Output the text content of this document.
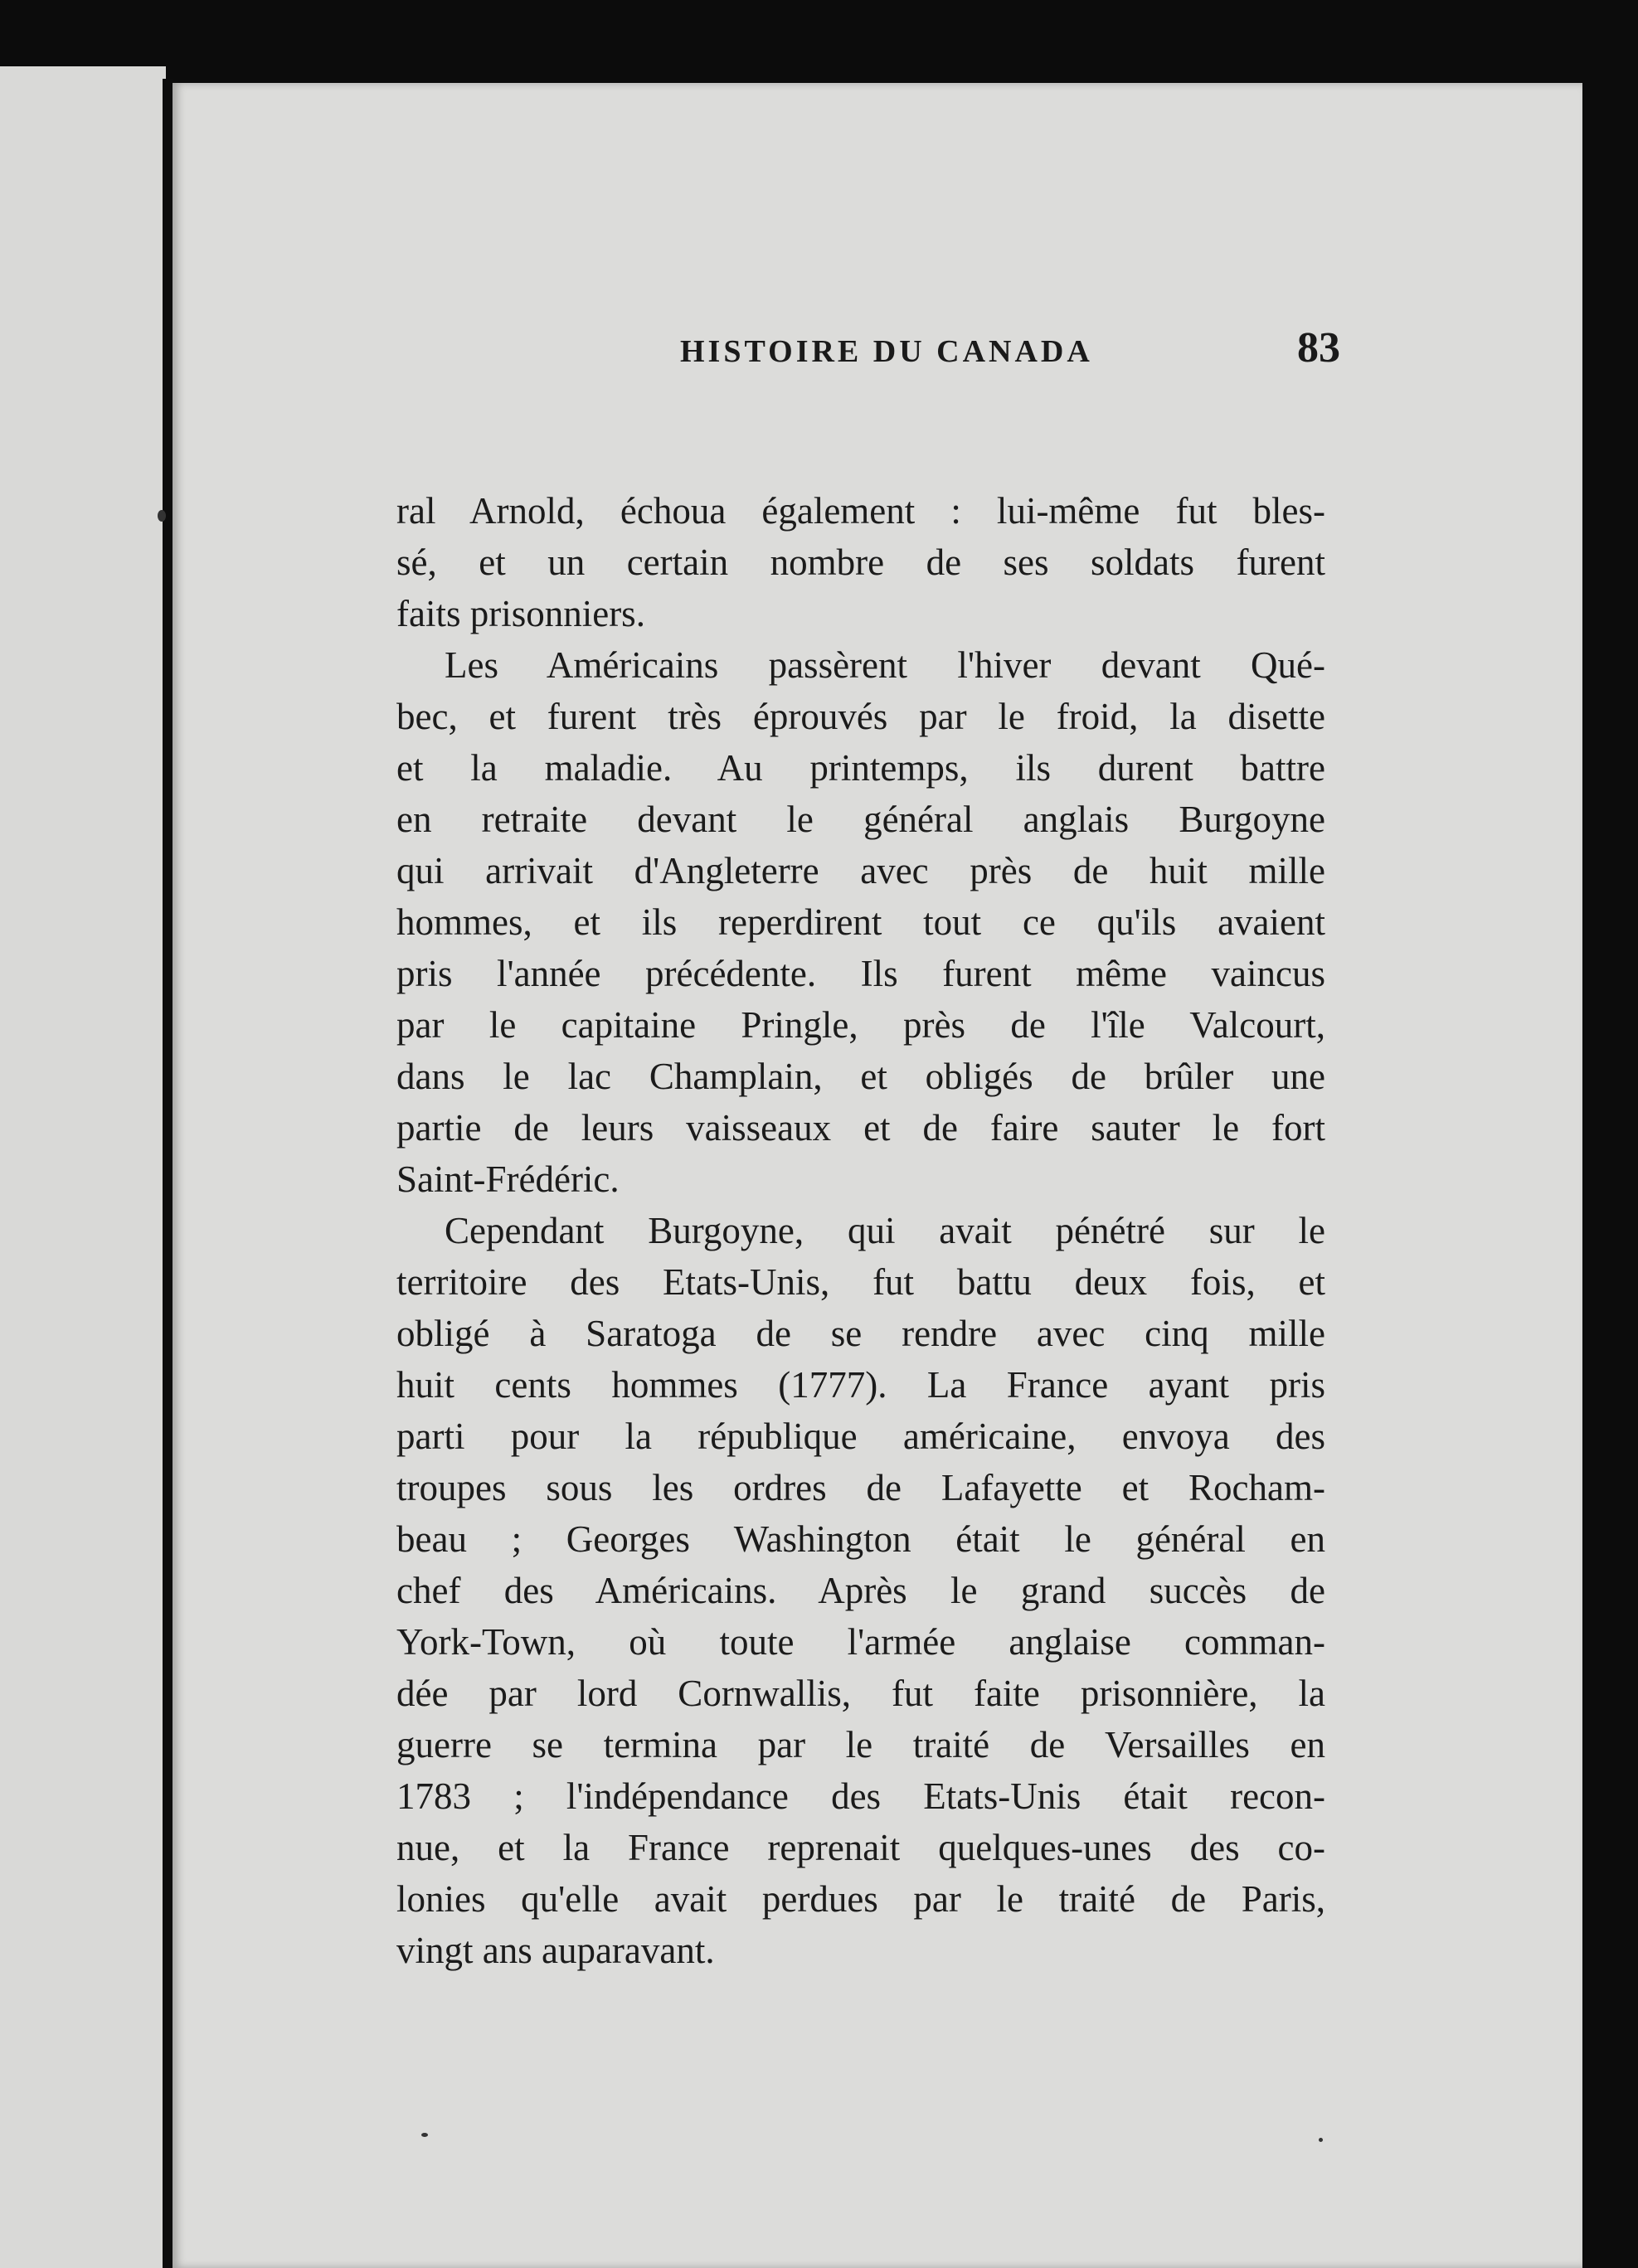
HISTOIRE DU CANADA	83

ral Arnold, échoua également : lui-même fut bles-
sé, et un certain nombre de ses soldats furent
faits prisonniers.

Les Américains passèrent l'hiver devant Qué-
bec, et furent très éprouvés par le froid, la disette
et la maladie. Au printemps, ils durent battre
en retraite devant le général anglais Burgoyne
qui arrivait d'Angleterre avec près de huit mille
hommes, et ils reperdirent tout ce qu'ils avaient
pris l'année précédente. Ils furent même vaincus
par le capitaine Pringle, près de l'île Valcourt,
dans le lac Champlain, et obligés de brûler une
partie de leurs vaisseaux et de faire sauter le fort
Saint-Frédéric.

Cependant Burgoyne, qui avait pénétré sur le
territoire des Etats-Unis, fut battu deux fois, et
obligé à Saratoga de se rendre avec cinq mille
huit cents hommes (1777). La France ayant pris
parti pour la république américaine, envoya des
troupes sous les ordres de Lafayette et Rocham-
beau ; Georges Washington était le général en
chef des Américains. Après le grand succès de
York-Town, où toute l'armée anglaise comman-
dée par lord Cornwallis, fut faite prisonnière, la
guerre se termina par le traité de Versailles en
1783 ; l'indépendance des Etats-Unis était recon-
nue, et la France reprenait quelques-unes des co-
lonies qu'elle avait perdues par le traité de Paris,
vingt ans auparavant.
